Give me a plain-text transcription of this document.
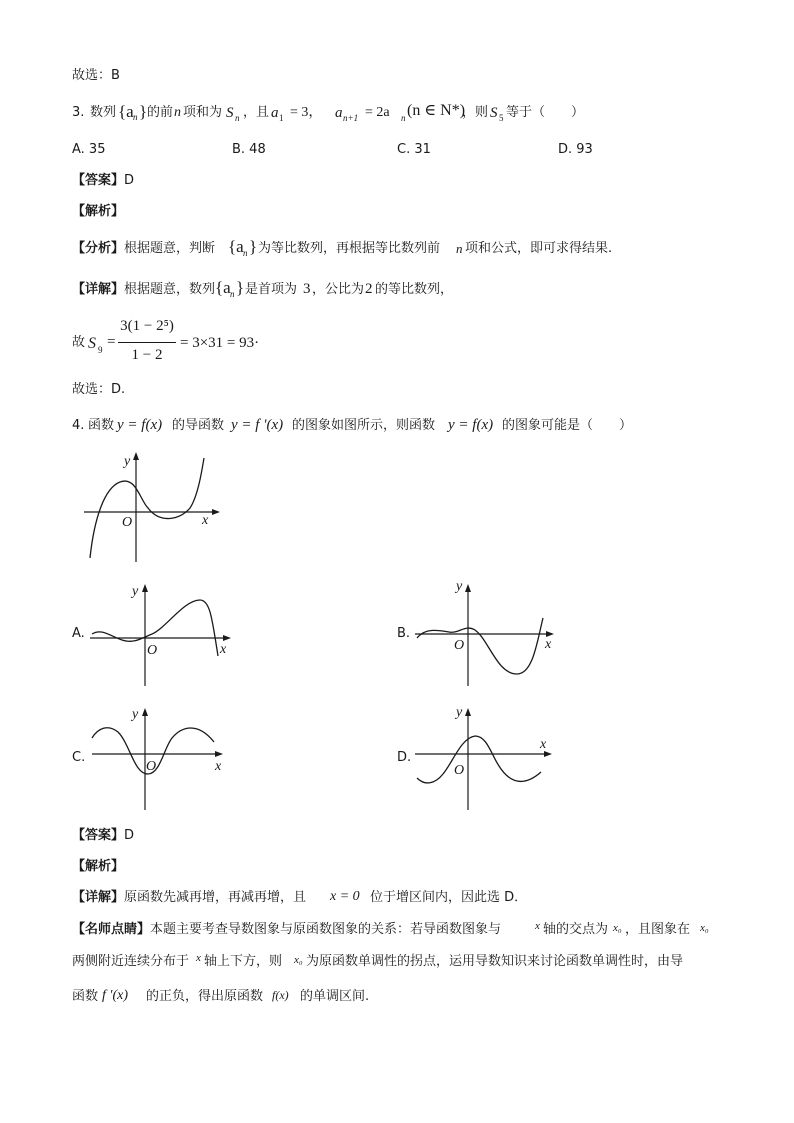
故选：B
3. 数列 {a n } 的前 n 项和为 S n ，且 a 1 = 3， a n+1 = 2a n (n ∈ N*)
，则 S 5 等于（　　）
A. 35	B. 48	C. 31	D. 93
【答案】D
【解析】
【分析】 根据题意，判断 {a n } 为等比数列，再根据等比数列前 n 项和公式，即可求得结果.
【详解】 根据题意，数列 {a n } 是首项为 3 ，公比为 2 的等比数列，
故 S 9 =
3(1 − 2⁵)
1 − 2
= 3×31 = 93·
故选：D.
4. 函数 y = f(x) 的导函数 y = f ′(x) 的图象如图所示，则函数 y = f(x) 的图象可能是（　　）
y
x
O
A.
y
x
O
B.
y
x
O
C.
y
x
O
D.
y
x
O
【答案】D
【解析】
【详解】 原函数先减再增，再减再增，且 x = 0 位于增区间内，因此选 D．
【名师点睛】 本题主要考查导数图象与原函数图象的关系：若导函数图象与	x 轴的交点为 x₀ ，且图象在 x₀
两侧附近连续分布于 x 轴上下方，则 x₀ 为原函数单调性的拐点，运用导数知识来讨论函数单调性时，由导
函数 f ′(x) 的正负，得出原函数 f(x) 的单调区间.
